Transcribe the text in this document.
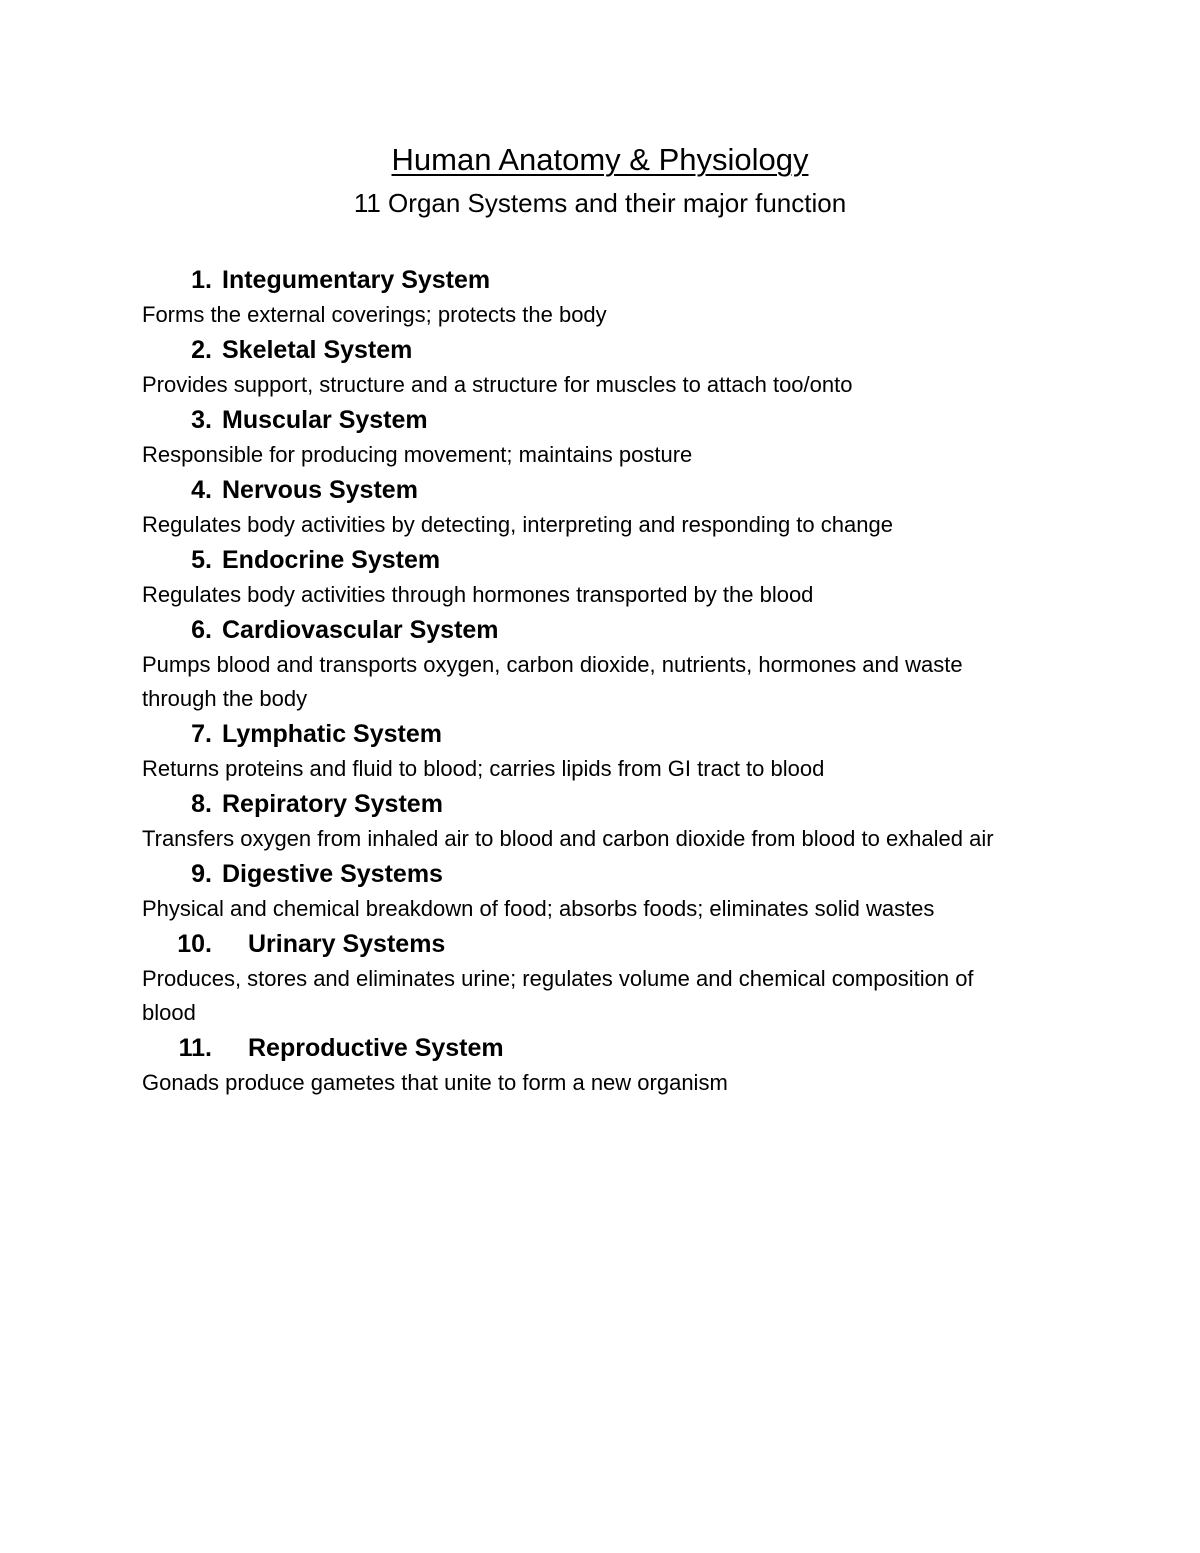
Human Anatomy & Physiology

11 Organ Systems and their major function

1. Integumentary System

Forms the external coverings; protects the body

2. Skeletal System

Provides support, structure and a structure for muscles to attach too/onto

3. Muscular System

Responsible for producing movement; maintains posture

4. Nervous System

Regulates body activities by detecting, interpreting and responding to change

5. Endocrine System

Regulates body activities through hormones transported by the blood

6. Cardiovascular System

Pumps blood and transports oxygen, carbon dioxide, nutrients, hormones and waste through the body

7. Lymphatic System

Returns proteins and fluid to blood; carries lipids from GI tract to blood

8. Repiratory System

Transfers oxygen from inhaled air to blood and carbon dioxide from blood to exhaled air

9. Digestive Systems

Physical and chemical breakdown of food; absorbs foods; eliminates solid wastes

10.	Urinary Systems

Produces, stores and eliminates urine; regulates volume and chemical composition of blood

11.	Reproductive System

Gonads produce gametes that unite to form a new organism
